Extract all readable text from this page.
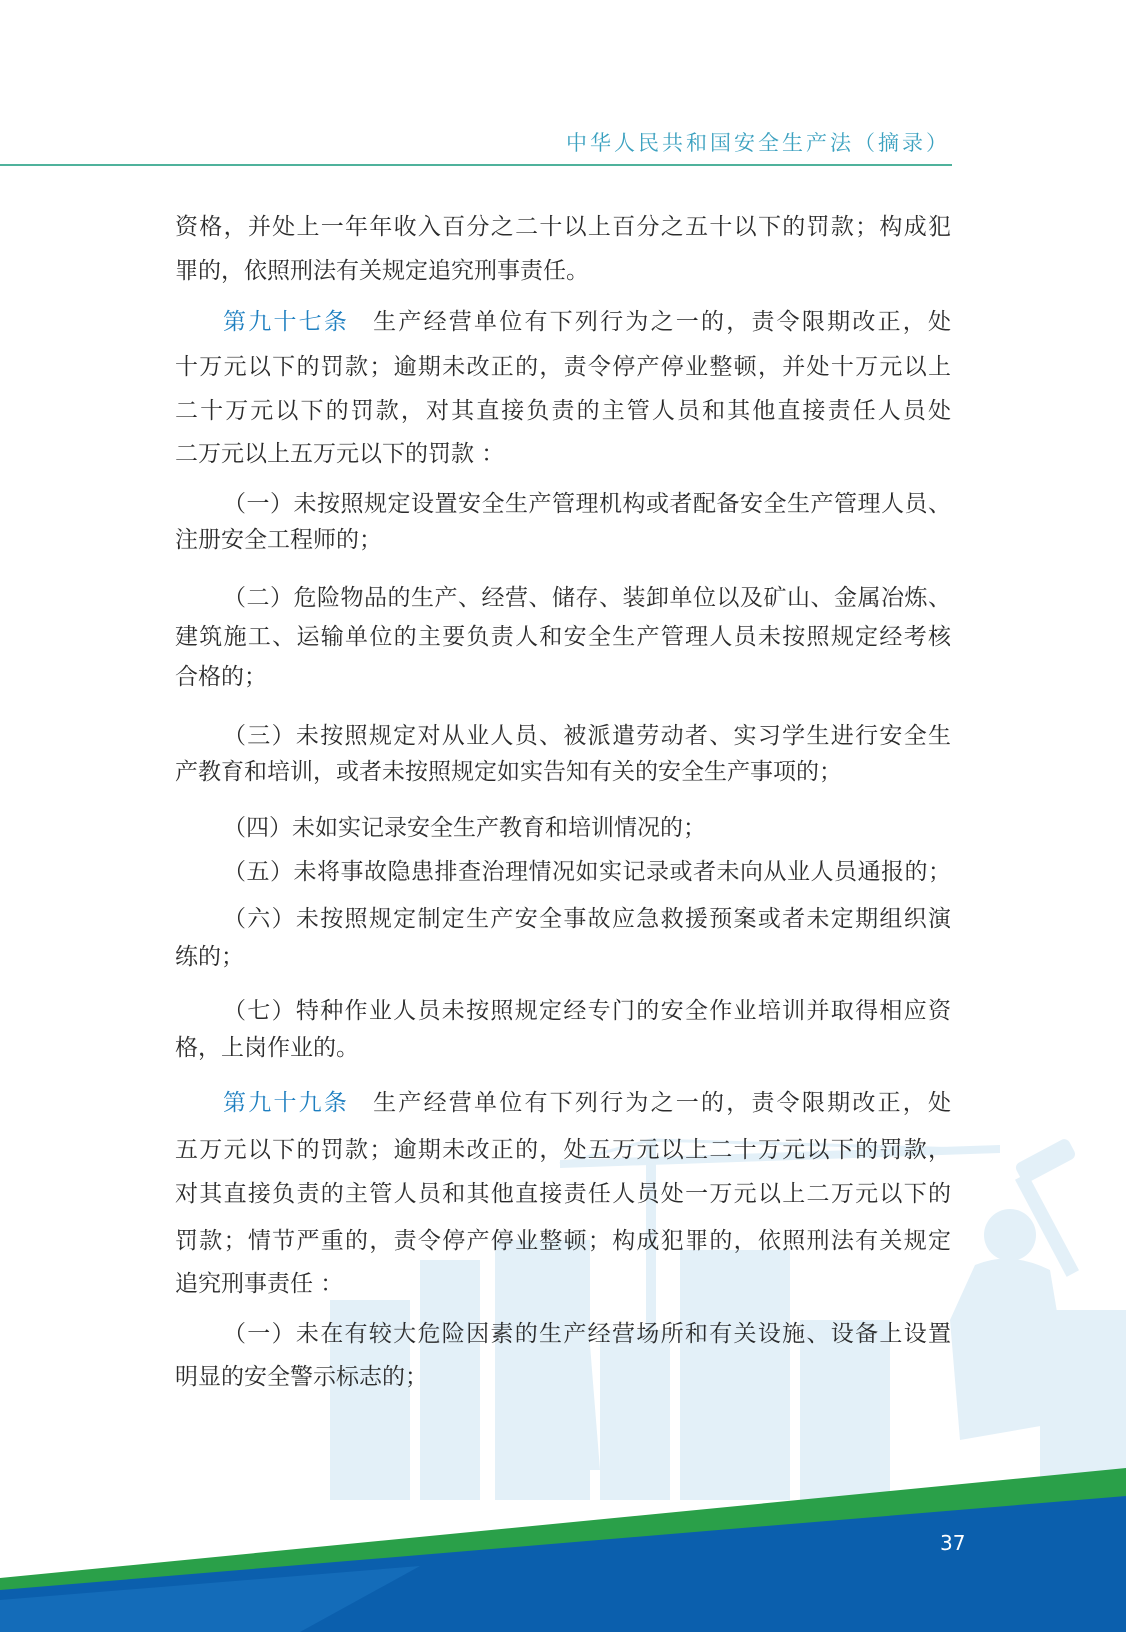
中华人民共和国安全生产法（摘录）
资格，并处上一年年收入百分之二十以上百分之五十以下的罚款；构成犯
罪的，依照刑法有关规定追究刑事责任。
第九十七条 生产经营单位有下列行为之一的，责令限期改正，处
十万元以下的罚款；逾期未改正的，责令停产停业整顿，并处十万元以上
二十万元以下的罚款，对其直接负责的主管人员和其他直接责任人员处
二万元以上五万元以下的罚款 ：
（一）未按照规定设置安全生产管理机构或者配备安全生产管理人员、
注册安全工程师的；
（二）危险物品的生产、经营、储存、装卸单位以及矿山、金属冶炼、
建筑施工、运输单位的主要负责人和安全生产管理人员未按照规定经考核
合格的；
（三）未按照规定对从业人员、被派遣劳动者、实习学生进行安全生
产教育和培训，或者未按照规定如实告知有关的安全生产事项的；
（四）未如实记录安全生产教育和培训情况的；
（五）未将事故隐患排查治理情况如实记录或者未向从业人员通报的；
（六）未按照规定制定生产安全事故应急救援预案或者未定期组织演
练的；
（七）特种作业人员未按照规定经专门的安全作业培训并取得相应资
格，上岗作业的。
第九十九条 生产经营单位有下列行为之一的，责令限期改正，处
五万元以下的罚款；逾期未改正的，处五万元以上二十万元以下的罚款，
对其直接负责的主管人员和其他直接责任人员处一万元以上二万元以下的
罚款；情节严重的，责令停产停业整顿；构成犯罪的，依照刑法有关规定
追究刑事责任 ：
（一）未在有较大危险因素的生产经营场所和有关设施、设备上设置
明显的安全警示标志的；
37
